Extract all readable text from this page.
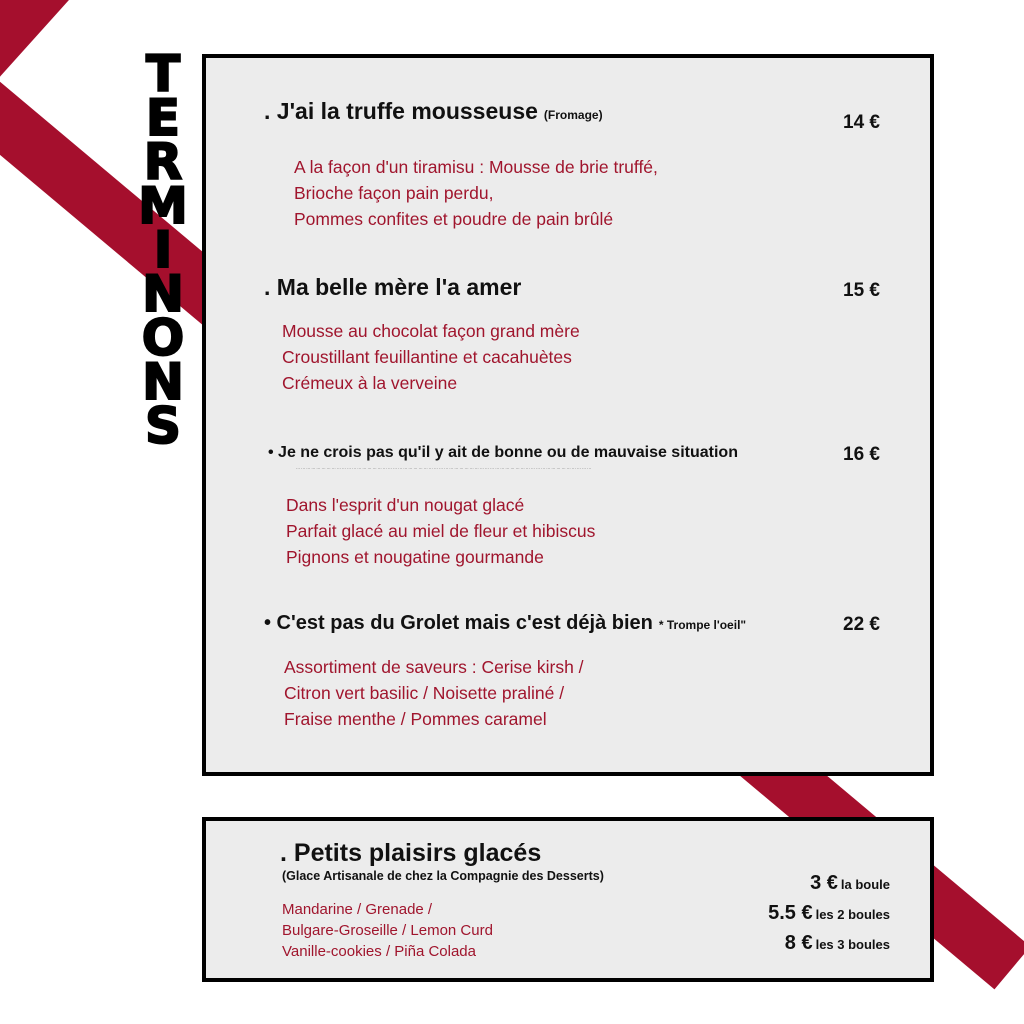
T
E
R
M
I
N
O
N
S
. J'ai la truffe mousseuse (Fromage)	14 €
A la façon d'un tiramisu : Mousse de brie truffé,
Brioche façon pain perdu,
Pommes confites et poudre de pain brûlé
. Ma belle mère l'a amer	15 €
Mousse au chocolat façon grand mère
Croustillant feuillantine et cacahuètes
Crémeux à la verveine
• Je ne crois pas qu'il y ait de bonne ou de mauvaise situation	16 €
··· ··· ··· ··· ··· ··· ··· ··· ··· ··· ··· ··· ··· ··· ··· ··· ··· ··· ··· ··· ··· ··· ··· ··· ··· ··· ··· ··· ··· ··· ··· ··· ··· ··· ··· ··· ··· ··· ··· ··· ··· ··· ··· ··· ··· ··· ··· ··· ··· ··· ··· ··· ··· ··· ··· ··· ··· ···
Dans l'esprit d'un nougat glacé
Parfait glacé au miel de fleur et hibiscus
Pignons et nougatine gourmande
• C'est pas du Grolet mais c'est déjà bien * Trompe l'oeil"	22 €
Assortiment de saveurs : Cerise kirsh /
Citron vert basilic / Noisette praliné /
Fraise menthe / Pommes caramel
. Petits plaisirs glacés
(Glace Artisanale de chez la Compagnie des Desserts)
Mandarine / Grenade /
Bulgare-Groseille / Lemon Curd
Vanille-cookies / Piña Colada
3 € la boule
5.5 € les 2 boules
8 € les 3 boules
